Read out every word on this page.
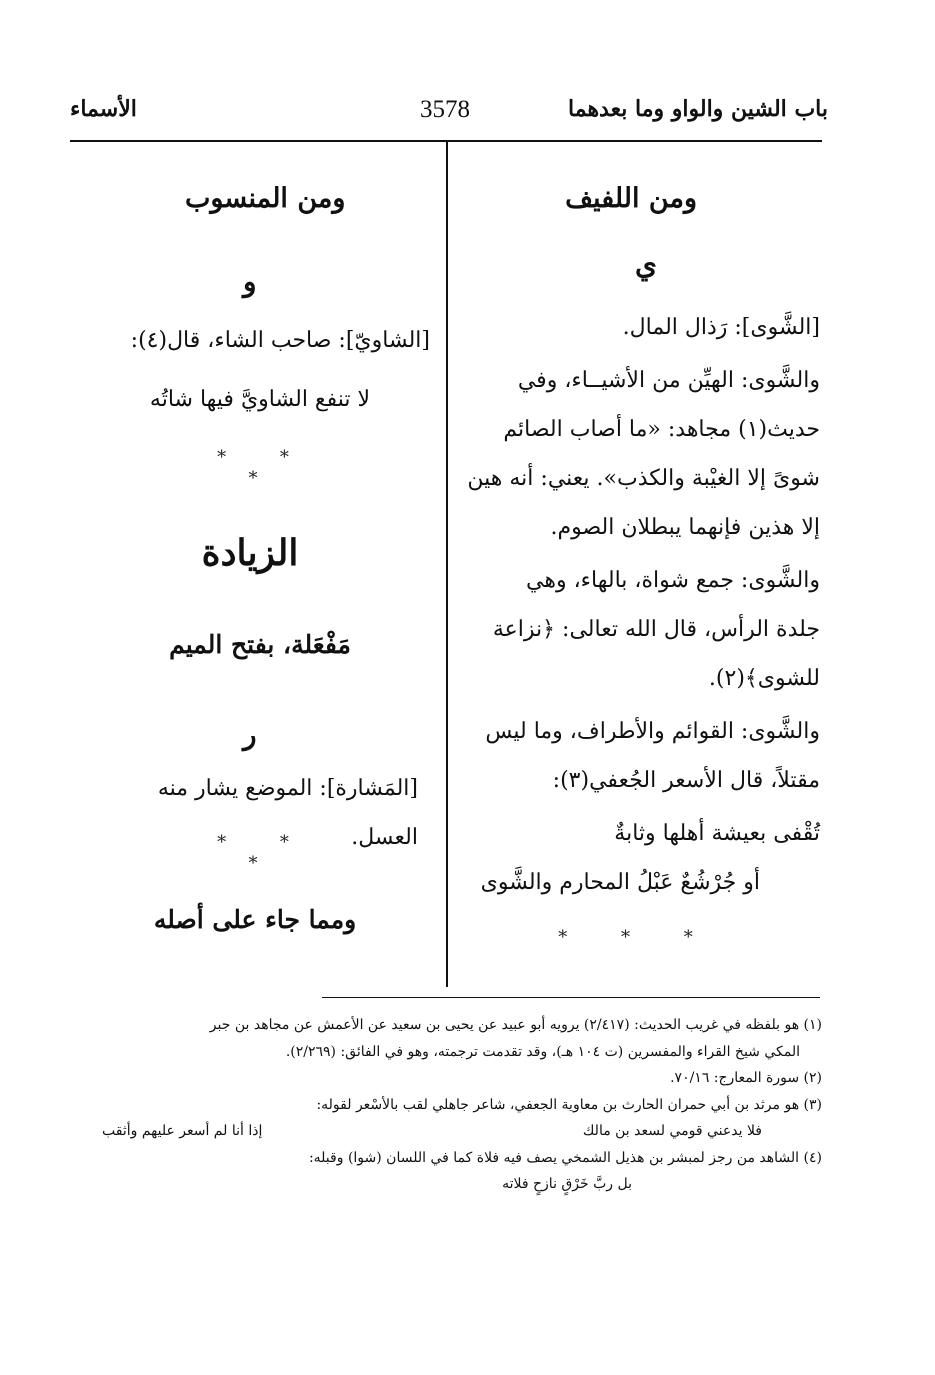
باب الشين والواو وما بعدهما
3578
الأسماء
ومن اللفيف
ي
[الشَّوى]: رَذال المال.
والشَّوى: الهيِّن من الأشيــاء، وفي
حديث(١) مجاهد: «ما أصاب الصائم
شوىً إلا الغيْبة والكذب». يعني: أنه هين
إلا هذين فإنهما يبطلان الصوم.
والشَّوى: جمع شواة، بالهاء، وهي
جلدة الرأس، قال الله تعالى: ﴿نزاعة
للشوى﴾(٢).
والشَّوى: القوائم والأطراف، وما ليس
مقتلاً، قال الأسعر الجُعفي(٣):
تُقْفى بعيشة أهلها وثابةٌ
أو جُرْشُعٌ عَبْلُ المحارم والشَّوى
* * *
ومن المنسوب
و
[الشاويّ]: صاحب الشاء، قال(٤):
لا تنفع الشاويَّ فيها شاتُه
* * *
الزيادة
مَفْعَلة، بفتح الميم
ر
[المَشارة]: الموضع يشار منه العسل.
* * *
ومما جاء على أصله

(١) هو بلفظه في غريب الحديث: (٢/٤١٧) يرويه أبو عبيد عن يحيى بن سعيد عن الأعمش عن مجاهد بن جبر

المكي شيخ القراء والمفسرين (ت ١٠٤ هـ)، وقد تقدمت ترجمته، وهو في الفائق: (٢/٢٦٩).

(٢) سورة المعارج: ٧٠/١٦.

(٣) هو مرثد بن أبي حمران الحارث بن معاوية الجعفي، شاعر جاهلي لقب بالأسْعر لقوله:

فلا يدعني قومي لسعد بن مالك
إذا أنا لم أسعر عليهم وأثقب

(٤) الشاهد من رجز لمبشر بن هذيل الشمخي يصف فيه فلاة كما في اللسان (شوا) وقبله:

بل ربَّ خَرْقٍ نازحٍ فلاته
